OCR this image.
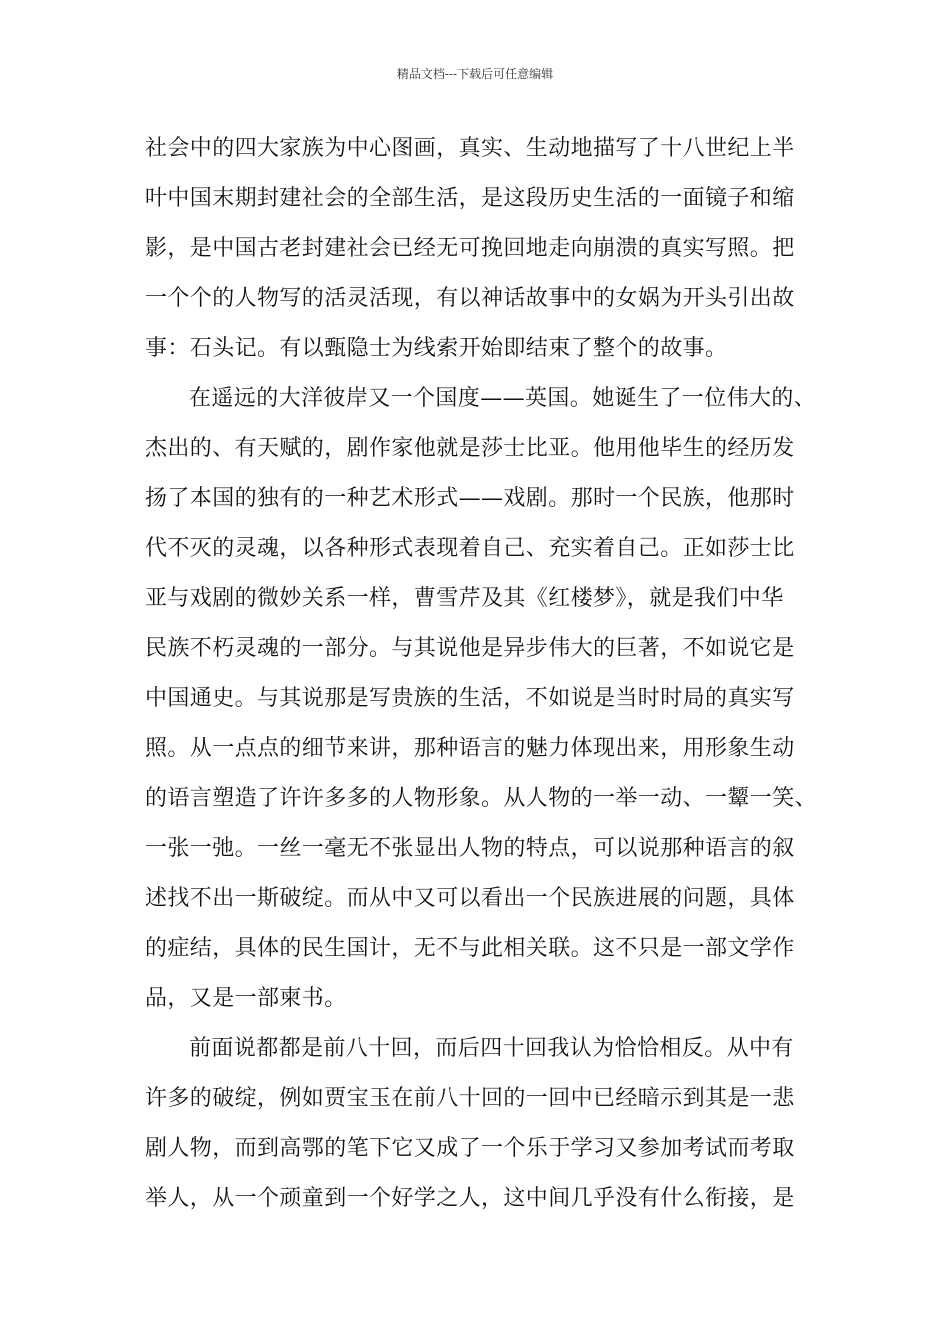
精品文档---下载后可任意编辑
社会中的四大家族为中心图画，真实、生动地描写了十八世纪上半
叶中国末期封建社会的全部生活，是这段历史生活的一面镜子和缩
影，是中国古老封建社会已经无可挽回地走向崩溃的真实写照。把
一个个的人物写的活灵活现，有以神话故事中的女娲为开头引出故
事：石头记。有以甄隐士为线索开始即结束了整个的故事。
在遥远的大洋彼岸又一个国度——英国。她诞生了一位伟大的、
杰出的、有天赋的，剧作家他就是莎士比亚。他用他毕生的经历发
扬了本国的独有的一种艺术形式——戏剧。那时一个民族，他那时
代不灭的灵魂，以各种形式表现着自己、充实着自己。正如莎士比
亚与戏剧的微妙关系一样，曹雪芹及其《红楼梦》，就是我们中华
民族不朽灵魂的一部分。与其说他是异步伟大的巨著，不如说它是
中国通史。与其说那是写贵族的生活，不如说是当时时局的真实写
照。从一点点的细节来讲，那种语言的魅力体现出来，用形象生动
的语言塑造了许许多多的人物形象。从人物的一举一动、一颦一笑、
一张一弛。一丝一毫无不张显出人物的特点，可以说那种语言的叙
述找不出一斯破绽。而从中又可以看出一个民族进展的问题，具体
的症结，具体的民生国计，无不与此相关联。这不只是一部文学作
品，又是一部柬书。
前面说都都是前八十回，而后四十回我认为恰恰相反。从中有
许多的破绽，例如贾宝玉在前八十回的一回中已经暗示到其是一悲
剧人物，而到高鄂的笔下它又成了一个乐于学习又参加考试而考取
举人，从一个顽童到一个好学之人，这中间几乎没有什么衔接，是
